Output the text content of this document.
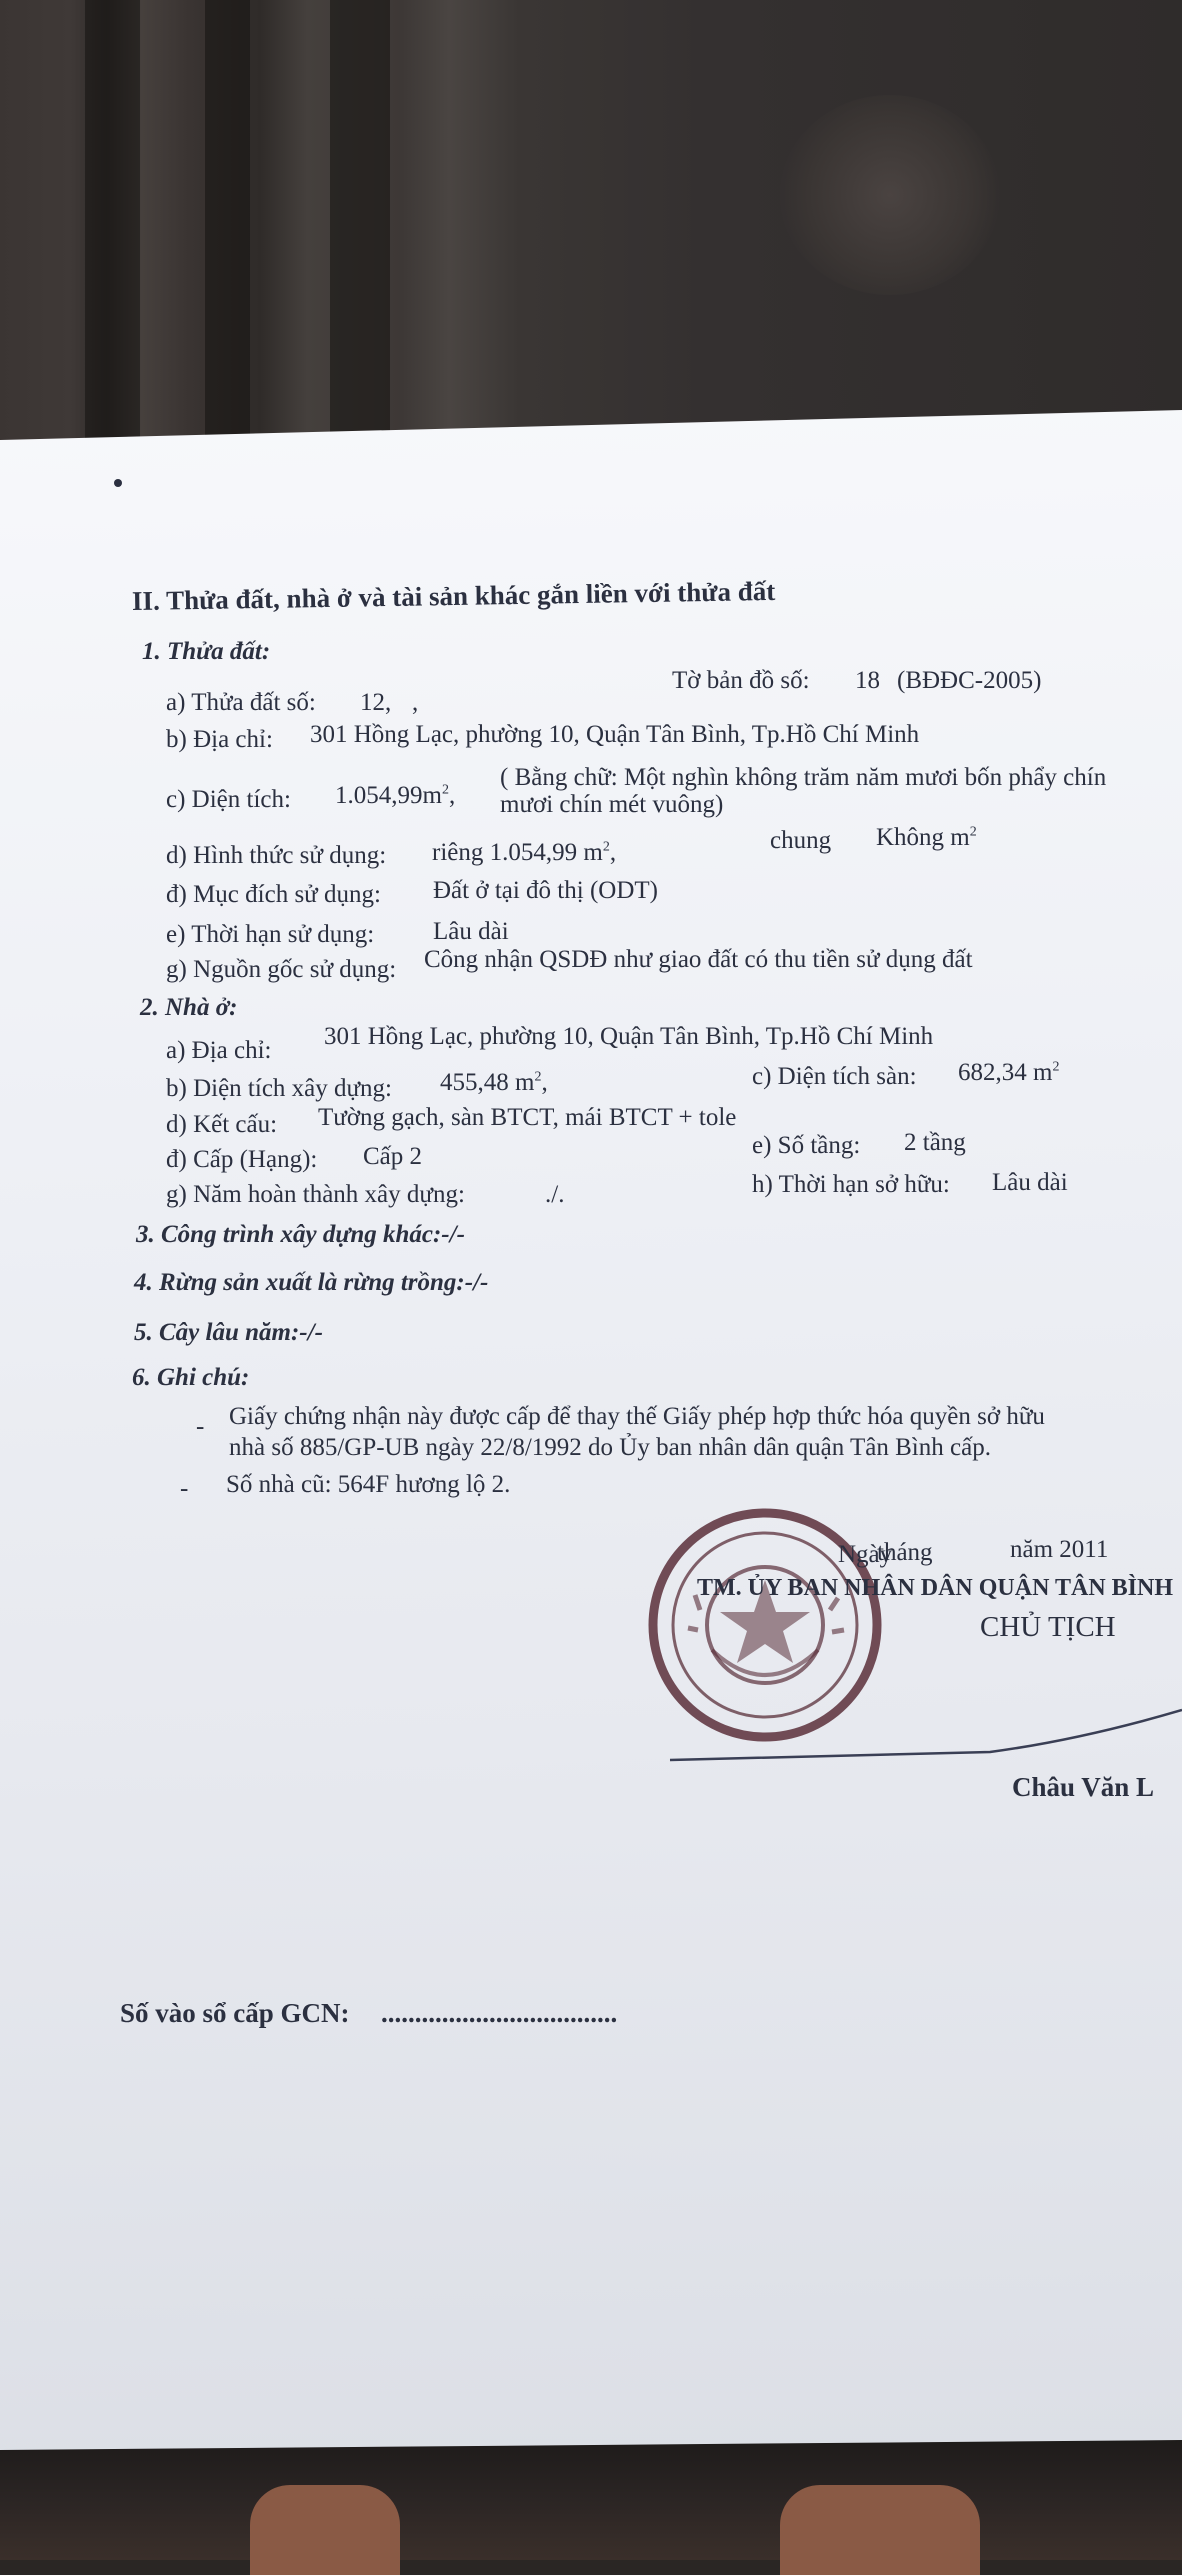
II. Thửa đất, nhà ở và tài sản khác gắn liền với thửa đất
1. Thửa đất:
a) Thửa đất số: 12, ,
Tờ bản đồ số: 18 (BĐĐC-2005)
b) Địa chỉ: 301 Hồng Lạc, phường 10, Quận Tân Bình, Tp.Hồ Chí Minh
c) Diện tích: $1.054,99m^2$,
( Bằng chữ: Một nghìn không trăm năm mươi bốn phẩy chín
mươi chín mét vuông)
d) Hình thức sử dụng: riêng 1.054,99 $m^2$,	chung Không $m^2$
đ) Mục đích sử dụng: Đất ở tại đô thị (ODT)
e) Thời hạn sử dụng: Lâu dài
g) Nguồn gốc sử dụng: Công nhận QSDĐ như giao đất có thu tiền sử dụng đất
2. Nhà ở:
a) Địa chỉ:
301 Hồng Lạc, phường 10, Quận Tân Bình, Tp.Hồ Chí Minh
b) Diện tích xây dựng: 455,48 $m^2$,	c) Diện tích sàn: 682,34 $m^2$
d) Kết cấu: Tường gạch, sàn BTCT, mái BTCT + tole
e) Số tầng: 2 tầng
đ) Cấp (Hạng): Cấp 2
g) Năm hoàn thành xây dựng:	./.	h) Thời hạn sở hữu: Lâu dài
3. Công trình xây dựng khác:-/-
4. Rừng sản xuất là rừng trồng:-/-
5. Cây lâu năm:-/-
6. Ghi chú:
- Giấy chứng nhận này được cấp để thay thế Giấy phép hợp thức hóa quyền sở hữu
nhà số 885/GP-UB ngày 22/8/1992 do Ủy ban nhân dân quận Tân Bình cấp.
- Số nhà cũ: 564F hương lộ 2.
Ngày
tháng	năm 2011
TM. ỦY BAN NHÂN DÂN QUẬN TÂN BÌNH
CHỦ TỊCH
Châu Văn L
Số vào sổ cấp GCN: ...................................
